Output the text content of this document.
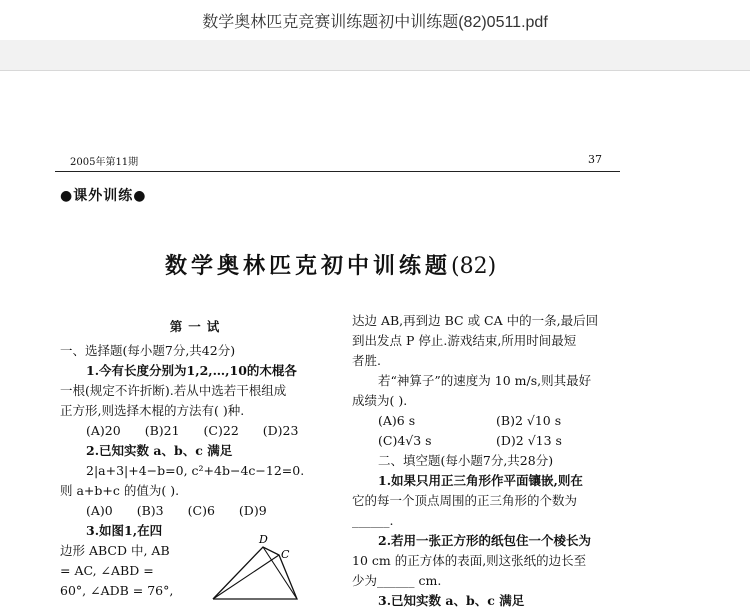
数学奥林匹克竞赛训练题初中训练题(82)0511.pdf
2005年第11期	37
●课外训练●
数学奥林匹克初中训练题(82)
第一试
一、选择题(每小题7分,共42分)
1.今有长度分别为1,2,…,10的木棍各
一根(规定不许折断).若从中选若干根组成
正方形,则选择木棍的方法有( )种.
(A)20 (B)21 (C)22 (D)23
2.已知实数 a、b、c 满足
2|a+3|+4−b=0, c²+4b−4c−12=0.
则 a+b+c 的值为( ).
(A)0 (B)3 (C)6 (D)9
3.如图1,在四
边形 ABCD 中, AB
= AC, ∠ABD =
60°, ∠ADB = 76°,
D
C
达边 AB,再到边 BC 或 CA 中的一条,最后回
到出发点 P 停止.游戏结束,所用时间最短
者胜.
若“神算子”的速度为 10 m/s,则其最好
成绩为( ).
(A)6 s	(B)2 √10 s
(C)4√3 s	(D)2 √13 s
二、填空题(每小题7分,共28分)
1.如果只用正三角形作平面镶嵌,则在
它的每一个顶点周围的正三角形的个数为
______.
2.若用一张正方形的纸包住一个棱长为
10 cm 的正方体的表面,则这张纸的边长至
少为______ cm.
3.已知实数 a、b、c 满足
